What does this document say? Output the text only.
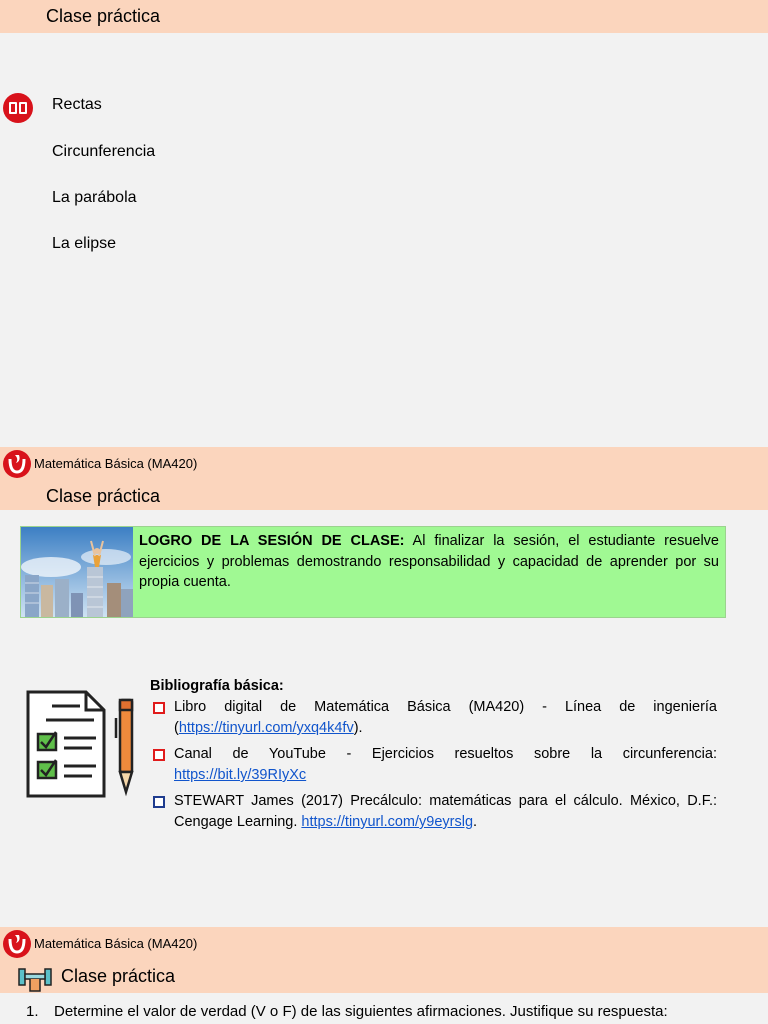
Clase práctica
Rectas
Circunferencia
La parábola
La elipse
Matemática Básica (MA420)
Clase práctica
LOGRO DE LA SESIÓN DE CLASE: Al finalizar la sesión, el estudiante resuelve ejercicios y problemas demostrando responsabilidad y capacidad de aprender por su propia cuenta.
Bibliografía básica:
Libro digital de Matemática Básica (MA420) - Línea de ingeniería (https://tinyurl.com/yxq4k4fv).
Canal de YouTube - Ejercicios resueltos sobre la circunferencia: https://bit.ly/39RIyXc
STEWART James (2017) Precálculo: matemáticas para el cálculo. México, D.F.: Cengage Learning. https://tinyurl.com/y9eyrslg.
Matemática Básica (MA420)
Clase práctica
1. Determine el valor de verdad (V o F) de las siguientes afirmaciones. Justifique su respuesta:
